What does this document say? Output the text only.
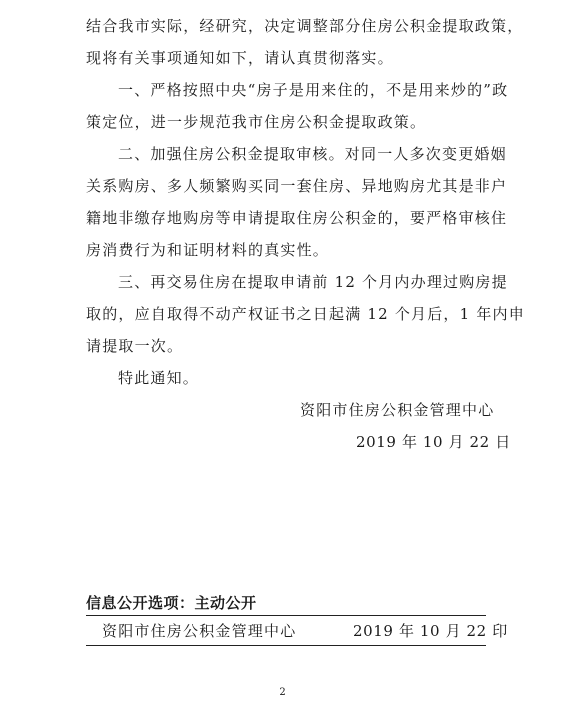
结合我市实际，经研究，决定调整部分住房公积金提取政策，
现将有关事项通知如下，请认真贯彻落实。
一、严格按照中央“房子是用来住的，不是用来炒的”政
策定位，进一步规范我市住房公积金提取政策。
二、加强住房公积金提取审核。对同一人多次变更婚姻
关系购房、多人频繁购买同一套住房、异地购房尤其是非户
籍地非缴存地购房等申请提取住房公积金的，要严格审核住
房消费行为和证明材料的真实性。
三、再交易住房在提取申请前 12 个月内办理过购房提
取的，应自取得不动产权证书之日起满 12 个月后，1 年内申
请提取一次。
特此通知。
资阳市住房公积金管理中心
2019 年 10 月 22 日
信息公开选项：主动公开
资阳市住房公积金管理中心	2019 年 10 月 22 印
2
